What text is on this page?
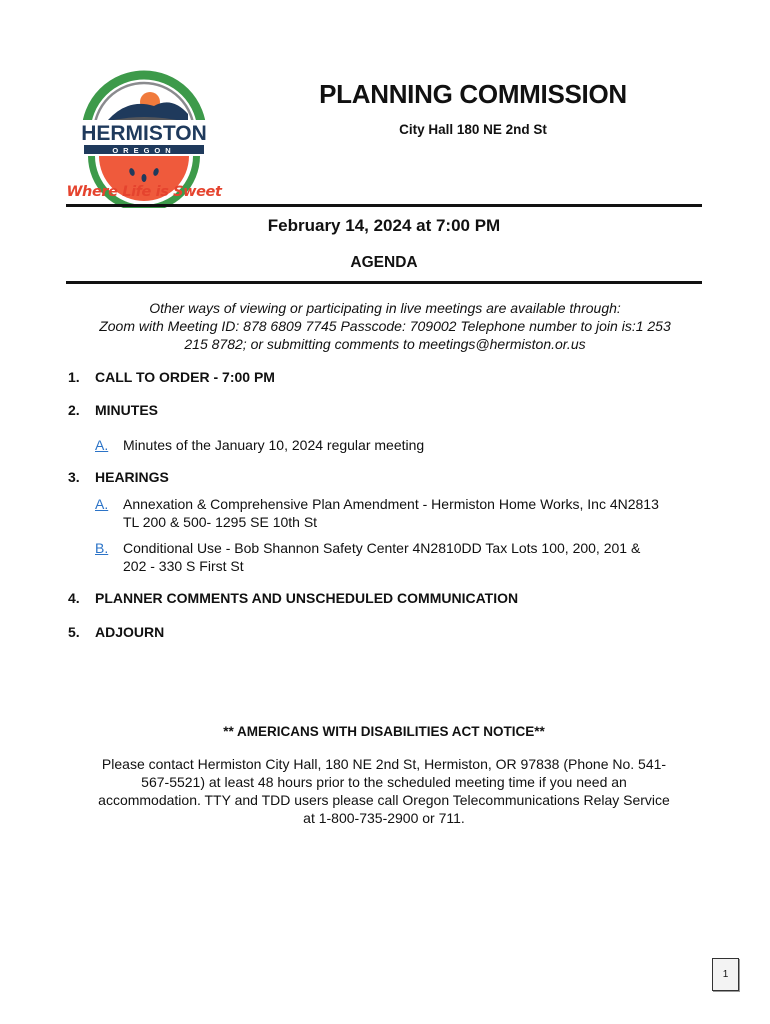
HERMISTON
OREGON
Where Life is Sweet
PLANNING COMMISSION
City Hall 180 NE 2nd St
February 14, 2024 at 7:00 PM
AGENDA
Other ways of viewing or participating in live meetings are available through:
Zoom with Meeting ID: 878 6809 7745 Passcode: 709002 Telephone number to join is:1 253
215 8782; or submitting comments to meetings@hermiston.or.us
1. CALL TO ORDER - 7:00 PM
2. MINUTES
A. Minutes of the January 10, 2024 regular meeting
3. HEARINGS
A. Annexation & Comprehensive Plan Amendment - Hermiston Home Works, Inc 4N2813
TL 200 & 500- 1295 SE 10th St
B. Conditional Use - Bob Shannon Safety Center 4N2810DD Tax Lots 100, 200, 201 &
202 - 330 S First St
4. PLANNER COMMENTS AND UNSCHEDULED COMMUNICATION
5. ADJOURN
** AMERICANS WITH DISABILITIES ACT NOTICE**
Please contact Hermiston City Hall, 180 NE 2nd St, Hermiston, OR 97838 (Phone No. 541-
567-5521) at least 48 hours prior to the scheduled meeting time if you need an
accommodation. TTY and TDD users please call Oregon Telecommunications Relay Service
at 1-800-735-2900 or 711.
1
